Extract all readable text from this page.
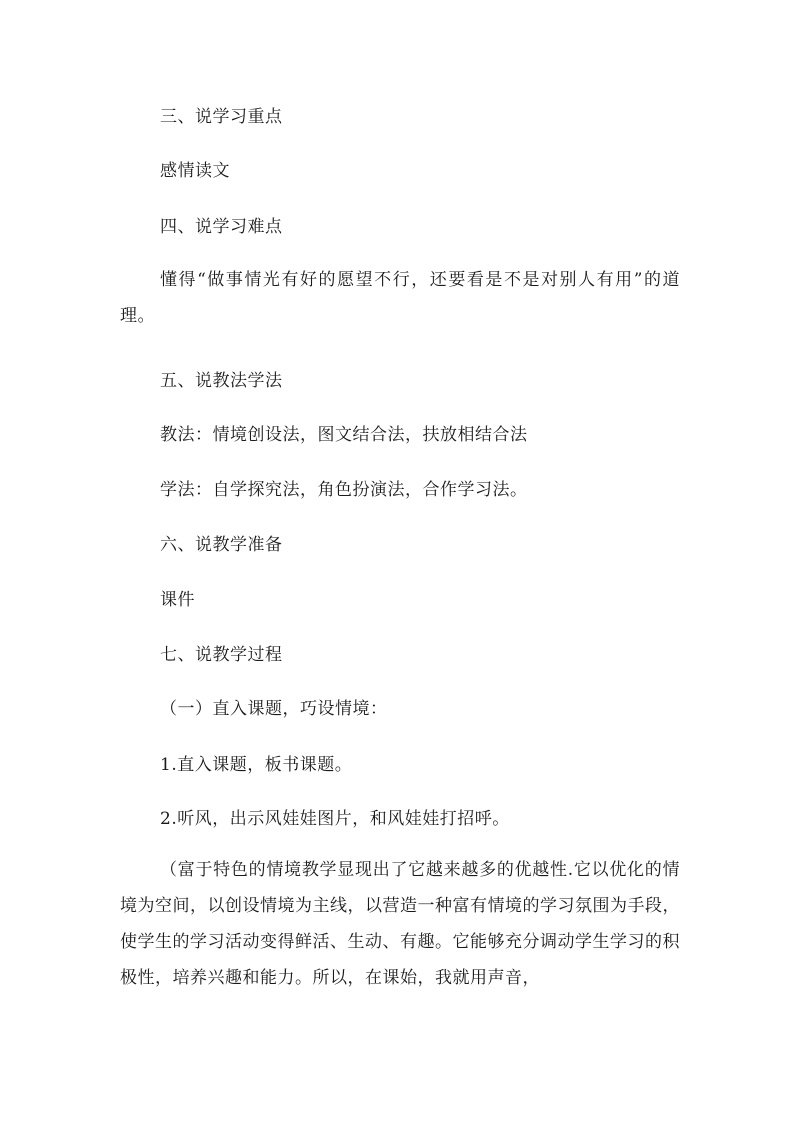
三、说学习重点
感情读文
四、说学习难点
懂得“做事情光有好的愿望不行，还要看是不是对别人有用”的道理。
五、说教法学法
教法：情境创设法，图文结合法，扶放相结合法
学法：自学探究法，角色扮演法，合作学习法。
六、说教学准备
课件
七、说教学过程
（一）直入课题，巧设情境：
1.直入课题，板书课题。
2.听风，出示风娃娃图片，和风娃娃打招呼。
（富于特色的情境教学显现出了它越来越多的优越性.它以优化的情境为空间，以创设情境为主线，以营造一种富有情境的学习氛围为手段，使学生的学习活动变得鲜活、生动、有趣。它能够充分调动学生学习的积极性，培养兴趣和能力。所以，在课始，我就用声音，
